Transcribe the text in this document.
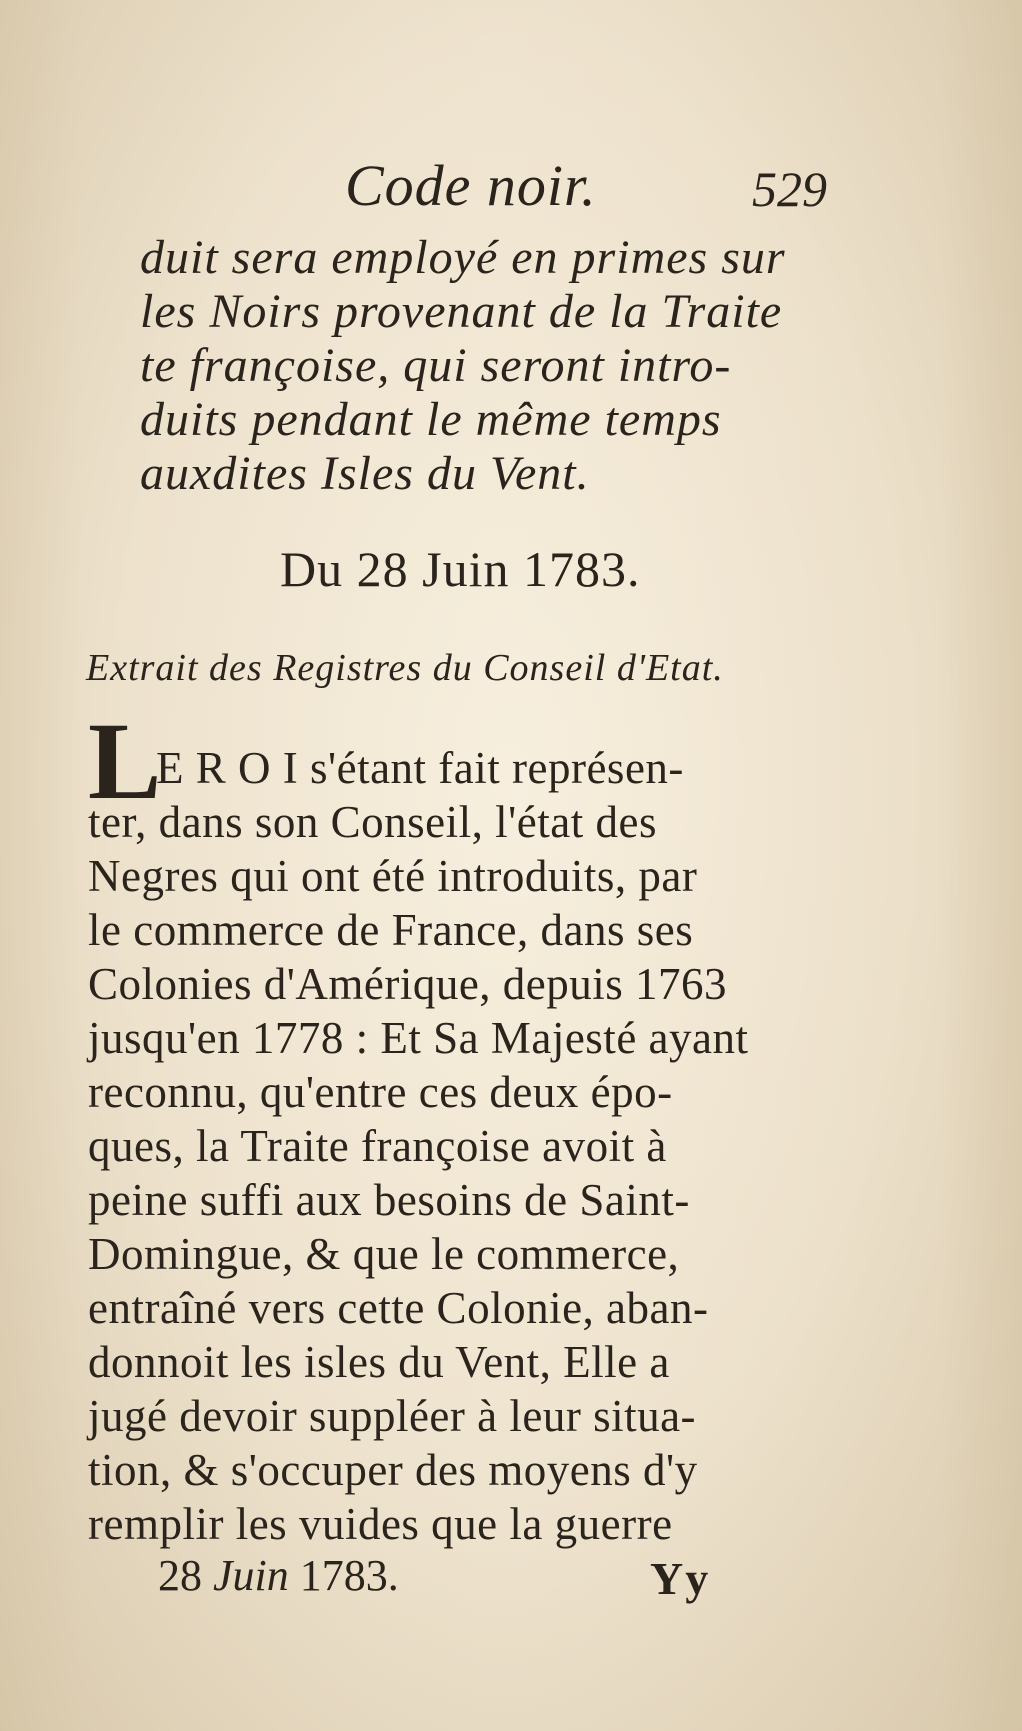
Code noir.	529
duit sera employé en primes sur
les Noirs provenant de la Traite
te françoise, qui seront intro-
duits pendant le même temps
auxdites Isles du Vent.
Du 28 Juin 1783.
Extrait des Registres du Conseil d'Etat.
L
E R O I s'étant fait représen-
ter, dans son Conseil, l'état des
Negres qui ont été introduits, par
le commerce de France, dans ses
Colonies d'Amérique, depuis 1763
jusqu'en 1778 : Et Sa Majesté ayant
reconnu, qu'entre ces deux épo-
ques, la Traite françoise avoit à
peine suffi aux besoins de Saint-
Domingue, & que le commerce,
entraîné vers cette Colonie, aban-
donnoit les isles du Vent, Elle a
jugé devoir suppléer à leur situa-
tion, & s'occuper des moyens d'y
remplir les vuides que la guerre
28 Juin 1783.	Yy
